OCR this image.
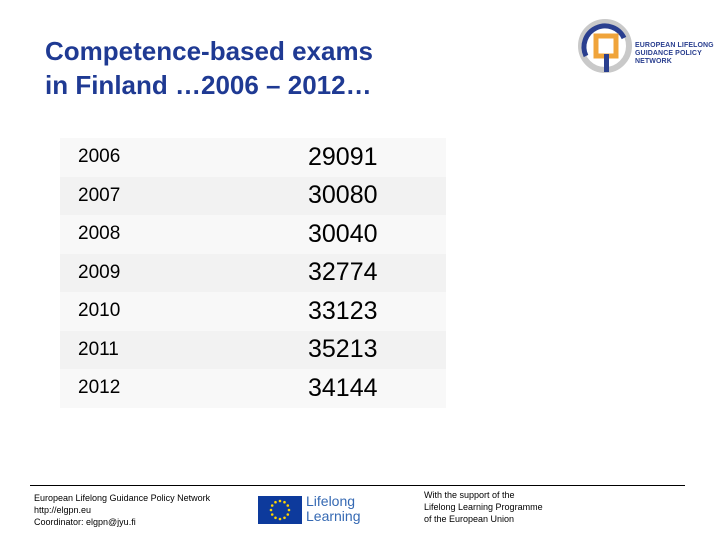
Competence-based exams
in Finland …2006 – 2012…
EUROPEAN LIFELONG
GUIDANCE POLICY
NETWORK
2006	29091
2007	30080
2008	30040
2009	32774
2010	33123
2011	35213
2012	34144
European Lifelong Guidance Policy Network
http://elgpn.eu
Coordinator: elgpn@jyu.fi
Lifelong
Learning
With the support of the
Lifelong Learning Programme
of the European Union
